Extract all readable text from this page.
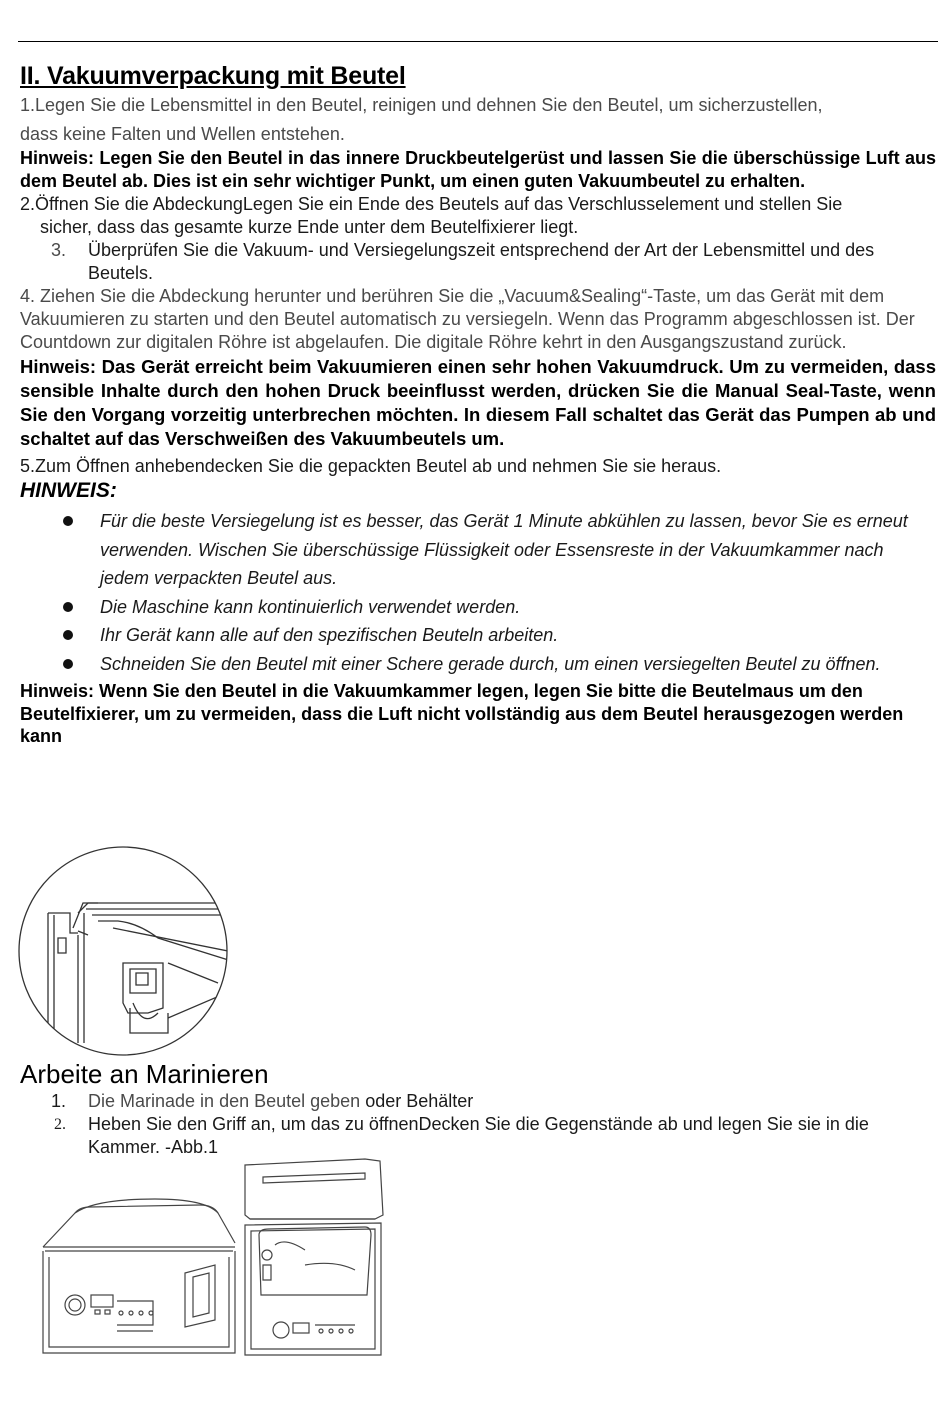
II. Vakuumverpackung mit Beutel

1.Legen Sie die Lebensmittel in den Beutel, reinigen und dehnen Sie den Beutel, um sicherzustellen,

dass keine Falten und Wellen entstehen.

Hinweis: Legen Sie den Beutel in das innere Druckbeutelgerüst und lassen Sie die überschüssige Luft aus dem Beutel ab. Dies ist ein sehr wichtiger Punkt, um einen guten Vakuumbeutel zu erhalten.

2.Öffnen Sie die AbdeckungLegen Sie ein Ende des Beutels auf das Verschlusselement und stellen Sie

sicher, dass das gesamte kurze Ende unter dem Beutelfixierer liegt.

3.	Überprüfen Sie die Vakuum- und Versiegelungszeit entsprechend der Art der Lebensmittel und des Beutels.

4. Ziehen Sie die Abdeckung herunter und berühren Sie die „Vacuum&Sealing“-Taste, um das Gerät mit dem Vakuumieren zu starten und den Beutel automatisch zu versiegeln. Wenn das Programm abgeschlossen ist. Der Countdown zur digitalen Röhre ist abgelaufen. Die digitale Röhre kehrt in den Ausgangszustand zurück.

Hinweis: Das Gerät erreicht beim Vakuumieren einen sehr hohen Vakuumdruck. Um zu vermeiden, dass sensible Inhalte durch den hohen Druck beeinflusst werden, drücken Sie die Manual Seal-Taste, wenn Sie den Vorgang vorzeitig unterbrechen möchten. In diesem Fall schaltet das Gerät das Pumpen ab und schaltet auf das Verschweißen des Vakuumbeutels um.

5.Zum Öffnen anhebendecken Sie die gepackten Beutel ab und nehmen Sie sie heraus.

HINWEIS:

Für die beste Versiegelung ist es besser, das Gerät 1 Minute abkühlen zu lassen, bevor Sie es erneut verwenden. Wischen Sie überschüssige Flüssigkeit oder Essensreste in der Vakuumkammer nach jedem verpackten Beutel aus.
Die Maschine kann kontinuierlich verwendet werden.
Ihr Gerät kann alle auf den spezifischen Beuteln arbeiten.
Schneiden Sie den Beutel mit einer Schere gerade durch, um einen versiegelten Beutel zu öffnen.

Hinweis: Wenn Sie den Beutel in die Vakuumkammer legen, legen Sie bitte die Beutelmaus um den Beutelfixierer, um zu vermeiden, dass die Luft nicht vollständig aus dem Beutel herausgezogen werden kann

Arbeite an Marinieren
1.	Die Marinade in den Beutel geben oder Behälter
2.	Heben Sie den Griff an, um das zu öffnenDecken Sie die Gegenstände ab und legen Sie sie in die Kammer. -Abb.1
